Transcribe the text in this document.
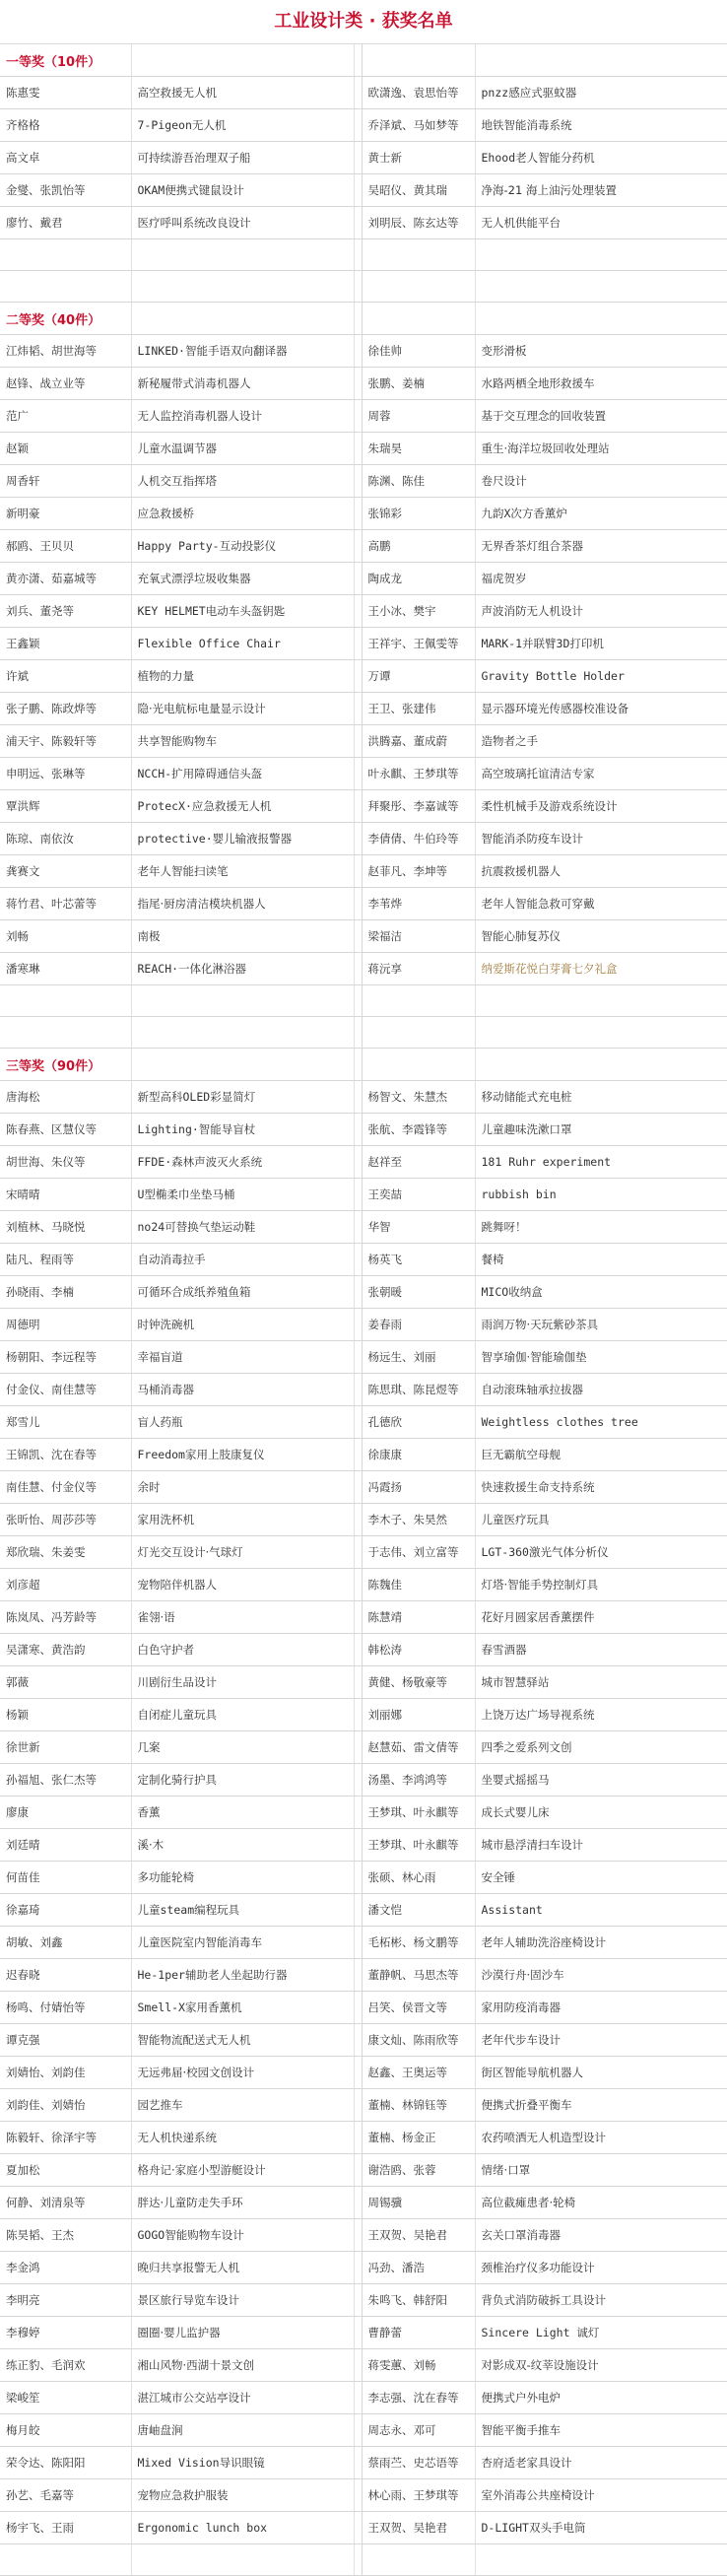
工业设计类 · 获奖名单
一等奖（10件）				
陈惠雯	高空救援无人机		欧潇逸、袁思怡等	pnzz感应式驱蚊器
齐格格	7-Pigeon无人机		乔泽斌、马如梦等	地铁智能消毒系统
高文卓	可持续游吾治理双子船		黄士新	Ehood老人智能分药机
金燮、张凯怡等	OKAM便携式键鼠设计		吴昭仪、黄其瑞	净海-21 海上油污处理装置
廖竹、戴君	医疗呼叫系统改良设计		刘明辰、陈玄达等	无人机供能平台

二等奖（40件）				
江炜韬、胡世海等	LINKED·智能手语双向翻译器		徐佳帅	变形滑板
赵锋、战立业等	新秘履带式消毒机器人		张鹏、姜楠	水路两栖全地形救援车
范广	无人监控消毒机器人设计		周蓉	基于交互理念的回收装置
赵颖	儿童水温调节器		朱瑞昊	重生·海洋垃圾回收处理站
周香轩	人机交互指挥塔		陈渊、陈佳	卷尺设计
新明豪	应急救援桥		张锦彩	九韵X次方香薰炉
郝鸥、王贝贝	Happy Party-互动投影仪		高鹏	无界香茶灯组合茶器
黄亦潇、茹嘉城等	充氧式漂浮垃圾收集器		陶成龙	福虎贺岁
刘兵、董尧等	KEY HELMET电动车头盔钥匙		王小冰、樊宇	声波消防无人机设计
王鑫颖	Flexible Office Chair		王祥宇、王佩雯等	MARK-1并联臂3D打印机
许斌	植物的力量		万谭	Gravity Bottle Holder
张子鹏、陈政烨等	隐·光电航标电量显示设计		王卫、张建伟	显示器环境光传感器校准设备
浦天宇、陈毅轩等	共享智能购物车		洪腾嘉、董成蔚	造物者之手
申明远、张琳等	NCCH-扩用障碍通信头盔		叶永麒、王梦琪等	高空玻璃托谊清洁专家
覃洪辉	ProtecX·应急救援无人机		拜聚彤、李嘉诚等	柔性机械手及游戏系统设计
陈琼、南依汝	protective·婴儿输液报警器		李倩倩、牛伯玲等	智能消杀防疫车设计
龚赛文	老年人智能扫读笔		赵菲凡、李坤等	抗震救援机器人
蒋竹君、叶芯蕾等	指尾·厨房清洁模块机器人		李苇烨	老年人智能急救可穿戴
刘畅	南极		梁福洁	智能心肺复苏仪
潘寒琳	REACH·一体化淋浴器		蒋沅享	纳爱斯花悦白芽膏七夕礼盒

三等奖（90件）				
唐海松	新型高科OLED彩显简灯		杨智文、朱慧杰	移动储能式充电桩
陈春燕、区慧仪等	Lighting·智能导盲杖		张航、李霞锋等	儿童趣味洗漱口罩
胡世海、朱仪等	FFDE·森林声波灭火系统		赵祥至	181 Ruhr experiment
宋晴晴	U型椭柔巾坐垫马桶		王奕喆	rubbish bin
刘植林、马晓悦	no24可替换气垫运动鞋		华智	跳舞呀！
陆凡、程雨等	自动消毒拉手		杨英飞	餐椅
孙晓雨、李楠	可循环合成纸养殖鱼箱		张朝暖	MICO收纳盒
周德明	时钟洗碗机		姜春雨	雨润万物·天玩紫砂茶具
杨朝阳、李远程等	幸福盲道		杨远生、刘丽	智享瑜伽·智能瑜伽垫
付金仪、南佳慧等	马桶消毒器		陈思琪、陈昆煜等	自动滚珠轴承拉拔器
郑雪儿	盲人药瓶		孔德欣	Weightless clothes tree
王锦凯、沈在舂等	Freedom家用上肢康复仪		徐康康	巨无霸航空母舰
南佳慧、付金仪等	余时		冯霞扬	快速救援生命支持系统
张昕怡、周莎莎等	家用洗杯机		李木子、朱昊然	儿童医疗玩具
郑欣瑞、朱姜雯	灯光交互设计·气球灯		于志伟、刘立富等	LGT-360激光气体分析仪
刘彦超	宠物陪伴机器人		陈魏佳	灯塔·智能手势控制灯具
陈岚凤、冯芳龄等	雀翎·语		陈慧靖	花好月圆家居香薰摆件
吴潇寒、黄浩韵	白色守护者		韩松涛	春雪酒器
郭薇	川剧衍生品设计		黄健、杨敬豪等	城市智慧驿站
杨颖	自闭症儿童玩具		刘丽娜	上饶万达广场导视系统
徐世新	几案		赵慧茹、雷文倩等	四季之爱系列文创
孙福旭、张仁杰等	定制化骑行护具		汤墨、李鸿鸿等	坐婴式摇摇马
廖康	香薰		王梦琪、叶永麒等	成长式婴儿床
刘廷晴	溪·木		王梦琪、叶永麒等	城市悬浮清扫车设计
何苗佳	多功能轮椅		张硕、林心雨	安全锤
徐嘉琦	儿童steam编程玩具		潘文恺	Assistant
胡敏、刘鑫	儿童医院室内智能消毒车		毛柘彬、杨文鹏等	老年人辅助洗浴座椅设计
迟春晓	He-1per辅助老人坐起助行器		董静帆、马思杰等	沙漠行舟·固沙车
杨鸣、付婧怡等	Smell-X家用香薰机		吕笑、侯晋文等	家用防疫消毒器
谭克强	智能物流配送式无人机		康文灿、陈雨欣等	老年代步车设计
刘婧怡、刘韵佳	无远弗届·校园文创设计		赵鑫、王奥运等	街区智能导航机器人
刘韵佳、刘婧怡	园艺推车		董楠、林锦钰等	便携式折叠平衡车
陈毅轩、徐泽宇等	无人机快递系统		董楠、杨金正	农药喷洒无人机造型设计
夏加松	格舟记·家庭小型游艇设计		谢浩鸥、张蓉	情绪·口罩
何静、刘清泉等	胖达·儿童防走失手环		周锡骥	高位截瘫患者·轮椅
陈昊韬、王杰	GOGO智能购物车设计		王双贺、吴艳君	玄关口罩消毒器
李金鸿	晚归共享报警无人机		冯劲、潘浩	颈椎治疗仪多功能设计
李明亮	景区旅行导览车设计		朱鸣飞、韩舒阳	背负式消防破拆工具设计
李穆婷	圈圈·婴儿监护器		曹静蕾	Sincere Light 诚灯
练正豹、毛润欢	湘山风物·西湖十景文创		蒋雯蕙、刘畅	对影成双-纹莘设施设计
梁峻笙	湛江城市公交站亭设计		李志强、沈在舂等	便携式户外电炉
梅月皎	唐岫盘涧		周志永、邓可	智能平衡手推车
荣令达、陈阳阳	Mixed Vision导识眼镜		蔡雨苎、史芯语等	杏府适老家具设计
孙艺、毛嘉等	宠物应急救护服装		林心雨、王梦琪等	室外消毒公共座椅设计
杨宇飞、王雨	Ergonomic lunch box		王双贺、吴艳君	D-LIGHT双头手电筒
